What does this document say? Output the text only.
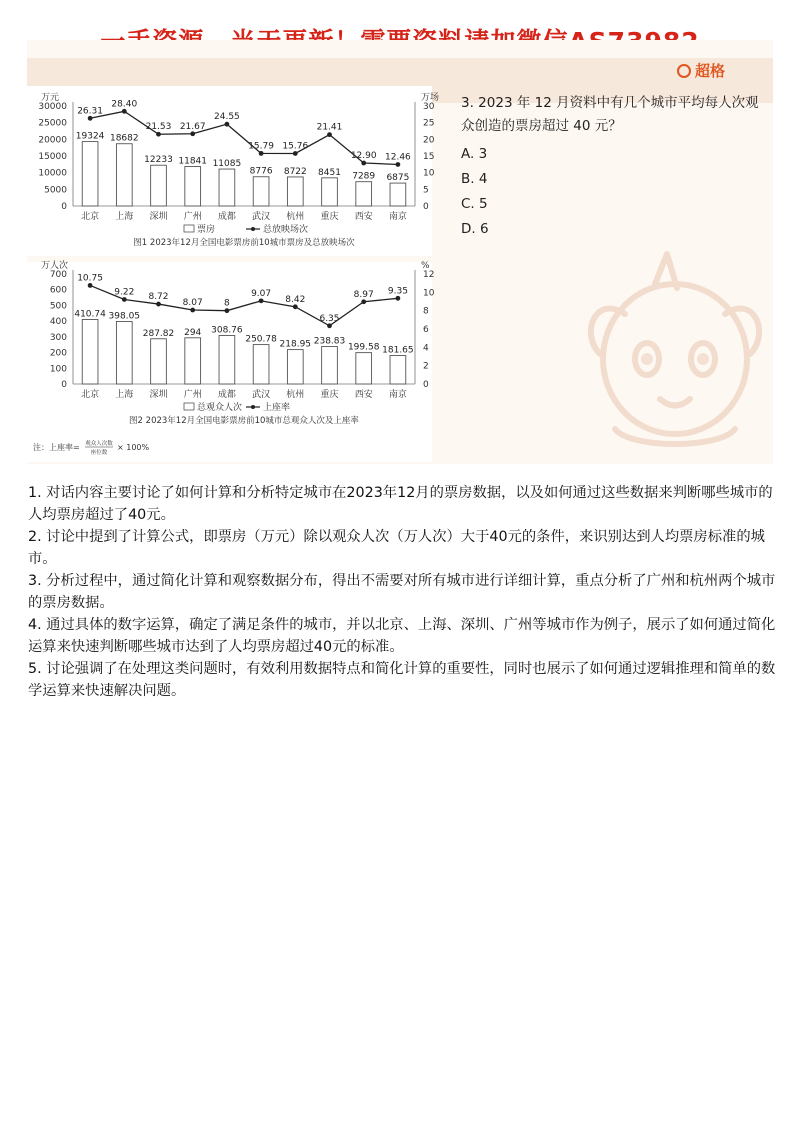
超格
万元	万场
30000
25000
20000
15000
10000
5000
0
30
25
20
15
10
5
0
19324
北京
18682
上海
12233
深圳
11841
广州
11085
成都
8776
武汉
8722
杭州
8451
重庆
7289
西安
6875
南京
26.31
28.40
21.53 21.67
24.55
15.79 15.76
21.41
12.90 12.46
票房	总放映场次
图1 2023年12月全国电影票房前10城市票房及总放映场次
万人次	%
700
600
500
400
300
200
100
0
12
10
8
6
4
2
0
410.74
北京
398.05
上海
287.82
深圳
294
广州
308.76
成都
250.78
武汉
218.95
杭州
238.83
重庆
199.58
西安
181.65
南京
10.75
9.22 8.72
8.07 8
9.07
8.42
6.35
8.97 9.35
总观众人次 上座率
图2 2023年12月全国电影票房前10城市总观众人次及上座率
注：上座率= 观众人次数
座位数
× 100%
3. 2023 年 12 月资料中有几个城市平均每人次观众创造的票房超过 40 元？
A. 3
B. 4
C. 5
D. 6

1. 对话内容主要讨论了如何计算和分析特定城市在2023年12月的票房数据，以及如何通过这些数据来判断哪些城市的人均票房超过了40元。

2. 讨论中提到了计算公式，即票房（万元）除以观众人次（万人次）大于40元的条件，来识别达到人均票房标准的城市。

3. 分析过程中，通过简化计算和观察数据分布，得出不需要对所有城市进行详细计算，重点分析了广州和杭州两个城市的票房数据。

4. 通过具体的数字运算，确定了满足条件的城市，并以北京、上海、深圳、广州等城市作为例子，展示了如何通过简化运算来快速判断哪些城市达到了人均票房超过40元的标准。

5. 讨论强调了在处理这类问题时，有效利用数据特点和简化计算的重要性，同时也展示了如何通过逻辑推理和简单的数学运算来快速解决问题。
